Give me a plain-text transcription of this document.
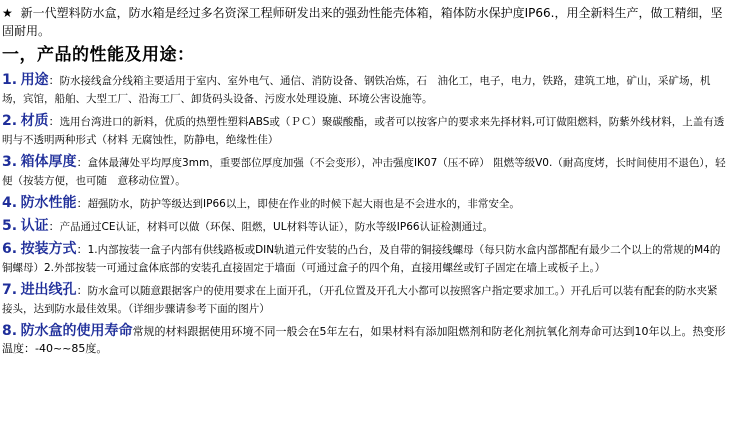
★ 新一代塑料防水盒，防水箱是经过多名资深工程师研发出来的强劲性能壳体箱，箱体防水保护度IP66.，用全新料生产，做工精细，坚固耐用。
一，产品的性能及用途：
1. 用途：防水接线盒分线箱主要适用于室内、室外电气、通信、消防设备、钢铁冶炼，石　油化工，电子，电力，铁路，建筑工地，矿山，采矿场，机场，宾馆，船舶、大型工厂、沿海工厂、卸货码头设备、污废水处理设施、环境公害设施等。
2. 材质：选用台湾进口的新料，优质的热塑性塑料ABS或（ＰＣ）聚碳酸酯，或者可以按客户的要求来先择材料,可订做阻燃料，防紫外线材料，上盖有透明与不透明两种形式（材料 无腐蚀性，防静电，绝缘性佳）
3. 箱体厚度：盒体最薄处平均厚度3mm，重要部位厚度加强（不会变形），冲击强度IK07（压不碎） 阻燃等级V0.（耐高度烤，长时间使用不退色），轻便（按装方便，也可随　意移动位置）。
4. 防水性能：超强防水，防护等级达到IP66以上，即使在作业的时候下起大雨也是不会进水的，非常安全。
5. 认证：产品通过CE认证，材料可以做（环保、阻燃，UL材料等认证），防水等级IP66认证检测通过。
6. 按装方式：1.内部按装一盒子内部有供线路板或DIN轨道元件安装的凸台，及自带的铜接线螺母（每只防水盒内部都配有最少二个以上的常规的M4的铜螺母）2.外部按装一可通过盒体底部的安装孔直接固定于墙面（可通过盒子的四个角，直接用螺丝或钉子固定在墙上或板子上。）
7. 进出线孔：防水盒可以随意跟据客户的使用要求在上面开孔，（开孔位置及开孔大小都可以按照客户指定要求加工。）开孔后可以装有配套的防水夹紧接头，达到防水最佳效果。（详细步骤请参考下面的图片）
8. 防水盒的使用寿命常规的材料跟据使用环境不同一般会在5年左右，如果材料有添加阻燃剂和防老化剂抗氧化剂寿命可达到10年以上。热变形温度：-40~~85度。
